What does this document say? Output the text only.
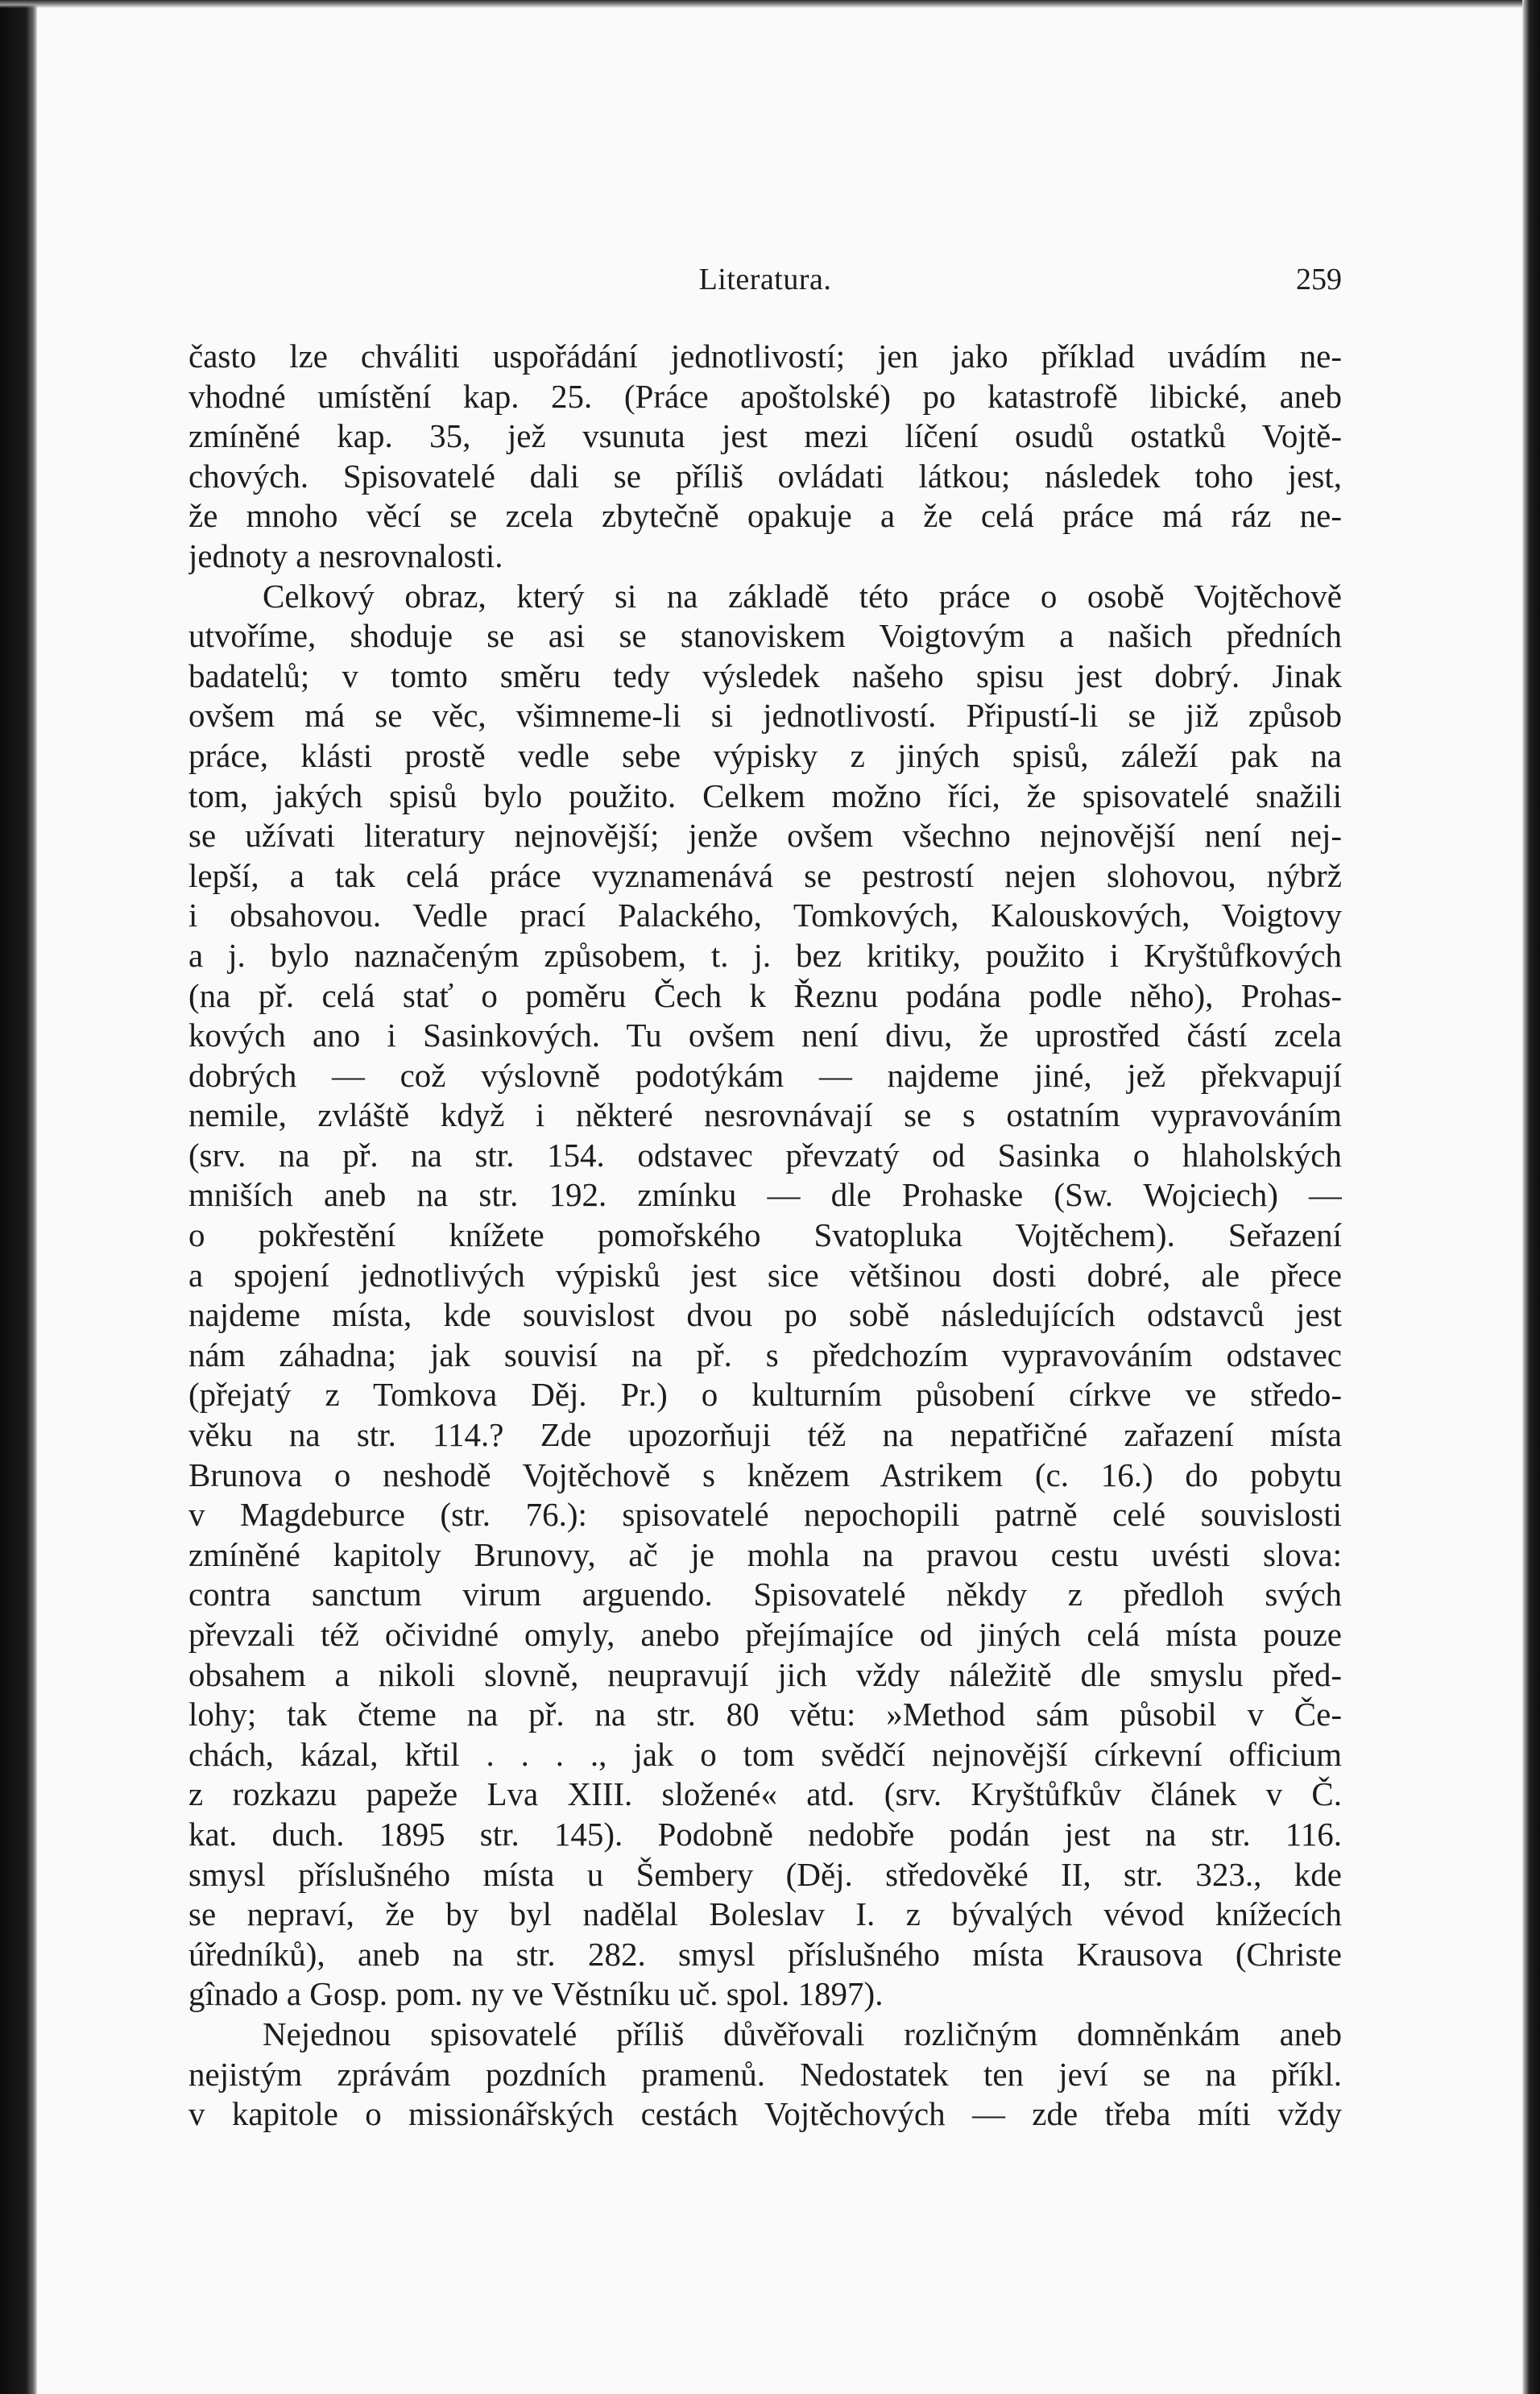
Literatura.	259
často lze chváliti uspořádání jednotlivostí; jen jako příklad uvádím ne-
vhodné umístění kap. 25. (Práce apoštolské) po katastrofě libické, aneb
zmíněné kap. 35, jež vsunuta jest mezi líčení osudů ostatků Vojtě-
chových. Spisovatelé dali se příliš ovládati látkou; následek toho jest,
že mnoho věcí se zcela zbytečně opakuje a že celá práce má ráz ne-
jednoty a nesrovnalosti.
Celkový obraz, který si na základě této práce o osobě Vojtěchově
utvoříme, shoduje se asi se stanoviskem Voigtovým a našich předních
badatelů; v tomto směru tedy výsledek našeho spisu jest dobrý. Jinak
ovšem má se věc, všimneme-li si jednotlivostí. Připustí-li se již způsob
práce, klásti prostě vedle sebe výpisky z jiných spisů, záleží pak na
tom, jakých spisů bylo použito. Celkem možno říci, že spisovatelé snažili
se užívati literatury nejnovější; jenže ovšem všechno nejnovější není nej-
lepší, a tak celá práce vyznamenává se pestrostí nejen slohovou, nýbrž
i obsahovou. Vedle prací Palackého, Tomkových, Kalouskových, Voigtovy
a j. bylo naznačeným způsobem, t. j. bez kritiky, použito i Kryštůfkových
(na př. celá stať o poměru Čech k Řeznu podána podle něho), Prohas-
kových ano i Sasinkových. Tu ovšem není divu, že uprostřed částí zcela
dobrých — což výslovně podotýkám — najdeme jiné, jež překvapují
nemile, zvláště když i některé nesrovnávají se s ostatním vypravováním
(srv. na př. na str. 154. odstavec převzatý od Sasinka o hlaholských
mniších aneb na str. 192. zmínku — dle Prohaske (Sw. Wojciech) —
o pokřestění knížete pomořského Svatopluka Vojtěchem). Seřazení
a spojení jednotlivých výpisků jest sice většinou dosti dobré, ale přece
najdeme místa, kde souvislost dvou po sobě následujících odstavců jest
nám záhadna; jak souvisí na př. s předchozím vypravováním odstavec
(přejatý z Tomkova Děj. Pr.) o kulturním působení církve ve středo-
věku na str. 114.? Zde upozorňuji též na nepatřičné zařazení místa
Brunova o neshodě Vojtěchově s knězem Astrikem (c. 16.) do pobytu
v Magdeburce (str. 76.): spisovatelé nepochopili patrně celé souvislosti
zmíněné kapitoly Brunovy, ač je mohla na pravou cestu uvésti slova:
contra sanctum virum arguendo. Spisovatelé někdy z předloh svých
převzali též očividné omyly, anebo přejímajíce od jiných celá místa pouze
obsahem a nikoli slovně, neupravují jich vždy náležitě dle smyslu před-
lohy; tak čteme na př. na str. 80 větu: »Method sám působil v Če-
chách, kázal, křtil . . . ., jak o tom svědčí nejnovější církevní officium
z rozkazu papeže Lva XIII. složené« atd. (srv. Kryštůfkův článek v Č.
kat. duch. 1895 str. 145). Podobně nedobře podán jest na str. 116.
smysl příslušného místa u Šembery (Děj. středověké II, str. 323., kde
se nepraví, že by byl nadělal Boleslav I. z bývalých vévod knížecích
úředníků), aneb na str. 282. smysl příslušného místa Krausova (Christe
gînado a Gosp. pom. ny ve Věstníku uč. spol. 1897).
Nejednou spisovatelé příliš důvěřovali rozličným domněnkám aneb
nejistým zprávám pozdních pramenů. Nedostatek ten jeví se na příkl.
v kapitole o missionářských cestách Vojtěchových — zde třeba míti vždy
